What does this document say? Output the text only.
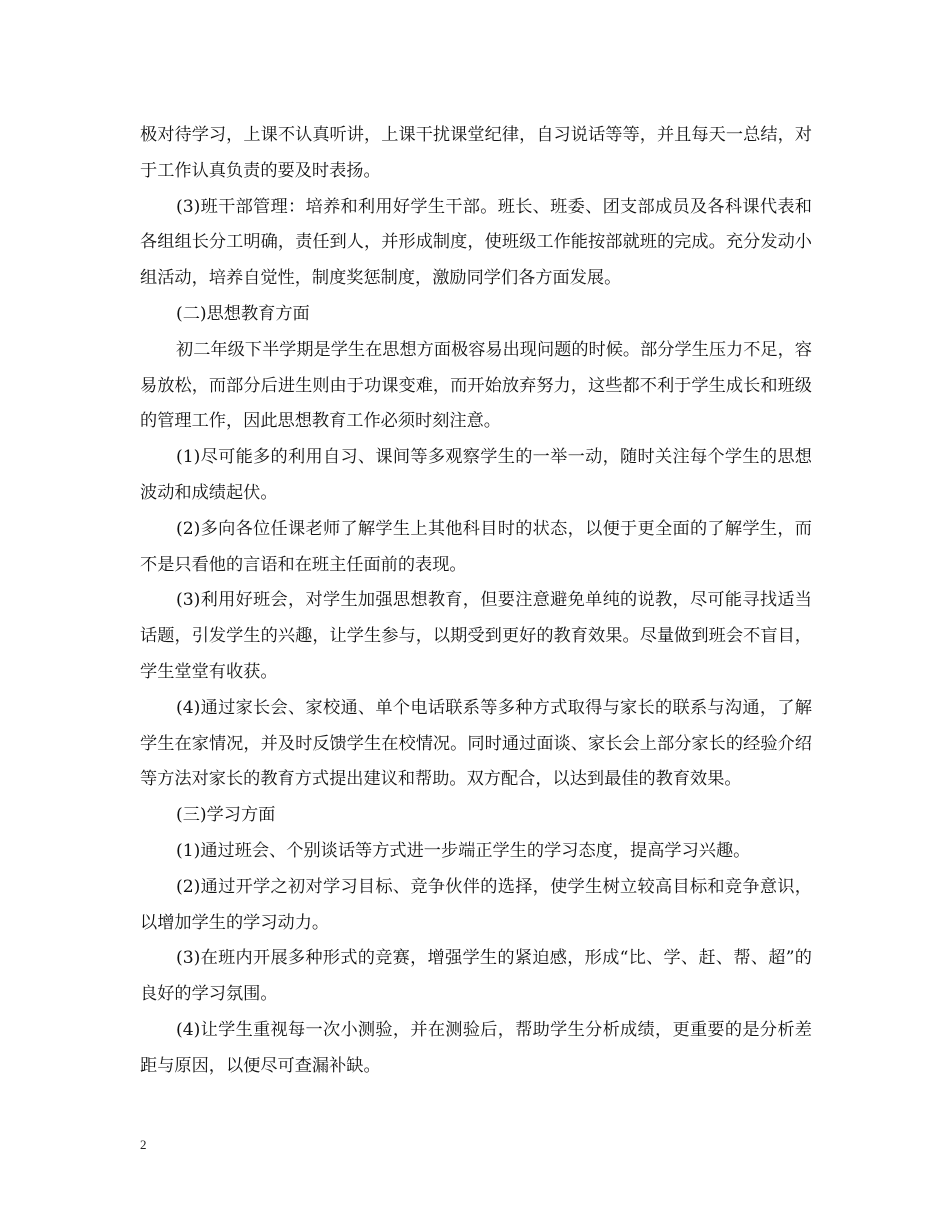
极对待学习，上课不认真听讲，上课干扰课堂纪律，自习说话等等，并且每天一总结，对于工作认真负责的要及时表扬。

(3)班干部管理：培养和利用好学生干部。班长、班委、团支部成员及各科课代表和各组组长分工明确，责任到人，并形成制度，使班级工作能按部就班的完成。充分发动小组活动，培养自觉性，制度奖惩制度，激励同学们各方面发展。

(二)思想教育方面

初二年级下半学期是学生在思想方面极容易出现问题的时候。部分学生压力不足，容易放松，而部分后进生则由于功课变难，而开始放弃努力，这些都不利于学生成长和班级的管理工作，因此思想教育工作必须时刻注意。

(1)尽可能多的利用自习、课间等多观察学生的一举一动，随时关注每个学生的思想波动和成绩起伏。

(2)多向各位任课老师了解学生上其他科目时的状态，以便于更全面的了解学生，而不是只看他的言语和在班主任面前的表现。

(3)利用好班会，对学生加强思想教育，但要注意避免单纯的说教，尽可能寻找适当话题，引发学生的兴趣，让学生参与，以期受到更好的教育效果。尽量做到班会不盲目，学生堂堂有收获。

(4)通过家长会、家校通、单个电话联系等多种方式取得与家长的联系与沟通，了解学生在家情况，并及时反馈学生在校情况。同时通过面谈、家长会上部分家长的经验介绍等方法对家长的教育方式提出建议和帮助。双方配合，以达到最佳的教育效果。

(三)学习方面

(1)通过班会、个别谈话等方式进一步端正学生的学习态度，提高学习兴趣。

(2)通过开学之初对学习目标、竞争伙伴的选择，使学生树立较高目标和竞争意识，以增加学生的学习动力。

(3)在班内开展多种形式的竞赛，增强学生的紧迫感，形成“比、学、赶、帮、超”的良好的学习氛围。

(4)让学生重视每一次小测验，并在测验后，帮助学生分析成绩，更重要的是分析差距与原因，以便尽可查漏补缺。

2
